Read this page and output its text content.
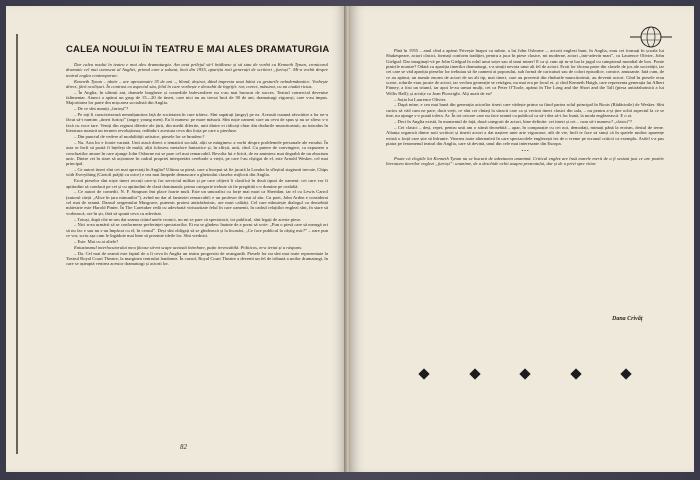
CALEA NOULUI ÎN TEATRU E MAI ALES DRAMATURGIA

Dar calea noului în teatru e mai ales dramaturgia. Am avut prilejul să-l întâlnesc și să stau de vorbă cu Kenneth Tynan, cronicarul dramatic cel mai cunoscut al Angliei, primul care a salutat, încă din 1955, apariția noii generații de scriitori „furioși”. Mi-a vorbit despre teatrul englez contemporan:

Kenneth Tynan – tânăr – are aproximativ 35 de ani –, blond, deșirat, dând impresia unui băiat cu gesturile neîndemânatice. Vorbește direct, fără ocolișuri. În contrast cu aspectul său, felul în care vorbește e deosebit de îngrijit: rar, corect, măsurat, cu un ciudat rictus.

– În Anglia, în ultimii ani, dramele burgheze și comediile bulevardiere nu s-au mai bucurat de succes. Teatrul comercial devenise falimentar. Atunci a apărut un grup de 15—20 de tineri, care nici nu au trecut încă de 30 de ani, dramaturgi viguroși, care s-au impus. Majoritatea lor parte din mișcarea socialistă din Anglia.

– De ce sînt numiți „furioși”?

– Pe toți îi caracterizează nemulțumirea față de societatea în care trăiesc. Sînt supărați (angry) pe ea. Această cunună răsvrătire a lor ne-a făcut să-i numim „tineri furioși” (angry young men). Eu îi numesc pe mare măsură. Sînt niște oameni care au ceva de spus și nu se sfiesc s-o facă cu voce tare. Veniți din regiuni diferite ale țării, din medii diferite, unii dintre ei ridicați chiar din rîndurile muncitorimii, au introdus în literatura noastră un termen revoluționar, redîndu-i acestuia ceva din forța pe care o pierduse.

– Din punctul de vedere al modalității artistice, piesele lor se înrudesc?

– Nu. Arta lor e foarte variată. Unii atacă direct o tematică socială, alții se mărginesc a vorbi despre problemele personale ale eroului. În asta se încît să poată fi înțeleși de mulți; alții folosesc metafore fantastice și, în sfîrșit, unii, cînd. Cu putere de convingere, ca expunere a concluziilor amare în care ajunge John Osborne mi se pare cel mai remarcabil. Revolta lui e lirică, de ea amintesc mai degrabă de un zbucium unic. Dintre cei în stare să acționeze în cadrul propriei interpretări cerebrale a vieții, pe care l-au cîștigat de el, este Arnold Wesker, cel mai principal.

– Ce autori tineri sînt cei mai apreciați în Anglia? Ultima sa piesă, care a început să fie jucată la Londra la sfîrșitul stagiunii trecute, Chips with Everything (Cartofi prăjiți cu orice) e cea mai limpede demascare a ghetoului claselor mijlocii din Anglia.

Eroii pieselor sînt niște tineri recruți care-și fac serviciul militar și pe care ofițerii îi clasifică în două tipuri de oameni: cei care vor fi aptitudini să conducă pe cei și cu aptitudini de clasă dominantă; prima categorie trebuie să fie pregătită s-o domine pe cealaltă.

– Ce autori de comedii. N. F. Simpson îmi place foarte mult. Este un umoralist cu forțe mai mari ca Sheridan, iar el cu Lewis Carrol (autorul cărții „Alice în țara minunilor”), avînd un dar al fanteziei remarcabil; e un profesor de ceai al său. Cu poet, John Arden e considerat cel mai de seamă. Dansul sergentului Musgrave, puternic protest antirăzboinic, are mari calități. Cel care mînuiește dialogul cu deosebită măiestrie este Harold Pinter. În The Caretaker redă cu adevărată virtuozitate felul în care oamenii, în cadrul relațiilor englezi sînt, în stare să vorbească, ore în șir, fără să spună ceva cu adevărat.

– Totuși, după cîte m-am dat seama citind unele cronici, nu mi se pare că spectatorii, tot publicul, sînt legați de aceste piese.

– Nici n-au urmărit să se conformeze preferinței spectatorilor. Ei nu se gîndesc înainte de a porni să scrie: „Pun o piesă care să meargă ori să nu fac e sau nu s-au împăcat cu el, în ceasul”. Deși sînt obligați să se gîndească și la încasări, „Ce face publicul la câștig mic?” – oare pun ce vor, scriu așa cum le îngăduie mai bine să prezinte ideile lor. Sînt vrednici.

– Este. Mai cu ai altele?

Entuziasmul interlocutorului meu făcuse să-mi scape această întrebare, puțin irevocabilă. Politicos, m-a iertat și a răspuns:

– Da. Cel mai de seamă este faptul de a fi ceva în Anglia un teatru progresist de avangardă. Piesele lor nu sînt mai toate reprezentate la Teatrul Royal Court Theatre, la marginea centrului londonez. În cursul, Royal Court Theatre a devenit un fel de tribună a noilor dramaturgi, în care se așteaptă venirea acestor dramaturgi și actorii lor.

82

Pînă în 1955 – anul cînd a apărut Privește înapoi cu mînie, a lui John Osborne –, actorii englezi buni, în Anglia, erau cei formați în școala lui Shakespeare, actori clasici, formați conform tradiției, pentru a juca în piese clasice, mi moderne, actori „intr-adevăr mari”, cu Laurence Olivier, John Gielgud. Dar imaginați-vă pe John Gielgud în rolul unui soțer sau al unui miner! E ca și cum ați m-ai lua la jugul cu campionul mondial de box. Ponte pinicile noastre? Odată cu apariția tinerilor dramaturgi, s-a simțit nevoia unui alt fel de actori. Eroii lor făceau parte din clasele de jos ale societății, iar cei care se văd apariția pieselor lor trebuiau să fie oameni ai poporului, sub formă de caricaturi sau de colori episodice, comice, amuzante. Iată cum, de ce au apărut, un număr enorm de actori de un alt tip, mai tineri, care au provenit din rîndurile muncitorimii, au devenit actori. Cînd în piesele erau scrise, rolurile erau jucate de actori, iar vechea generație se retrăgea, nu mai era pe locul ei, și cînd Kenneth Haigh, care reprezenta generația lui Albert Finney, a fost un triumf, iar apoi le-au urmat mulți, cei ca Peter O'Toole, apărut în The Long and the Short and the Tall (piesa antirăzboinică a lui Willis Hall); și actrițe ca Joan Plowright. Alți auzit de ea?

– Soția lui Laurence Olivier.

– După mine, e cea mai bună din generația actorilor tineri care vădește prima sa fiind partea rolul principal în Roots (Rădăcinile) de Wesker. Sînt curios să văd cum ne pare, dacă vreți, ce sînt cei cîntați la săracii care ca și vecinii tineri clasici din sala, – nu pentru a-și ține ochii aspectul la ce se tine, nu ajunge s-o poată tolera. Ar. În tot oricare care nu face seamă cu publicul ca să-i dea să-i fac bună, la moda englezească. E o zi.

– Deci în Anglia există, în momentul de față, două categorii de actori, bine definite: cei tineri și cei... cum să-i numesc? „clasici”?

– Cei clasici – deși, repet, pentru unii am o stimă deosebită – apar, în comparație cu cei noi, demodați, mimați până la eroism, destul de terne. Alianța organică dintre noii scriitori și tinerii actori a dat naștere unei arte viguroase, atît de vie, încît te face să simți că în spatele multor aparențe există o forță care știe să înfrunte. Vinerea toate alternativă în care spectacolele englezești ies de o vreme pe ecranul criticii ca exemplu. Astfel s-a pus piatra pe fenomenul teatral din Anglia, care să devină, unul din cele mai interesante din Europa.

• • •

Poate că elogiile lui Kenneth Tynan nu se bucură de adeziunea unanimă. Criticul englez are însă marele merit de a fi sesizat just ce are pozitiv literatura tinerilor englezi „furioși”: unanime, de a deschide ochii asupra prezentului, dar și de a privi spre viitor.

Dana Crivăț
